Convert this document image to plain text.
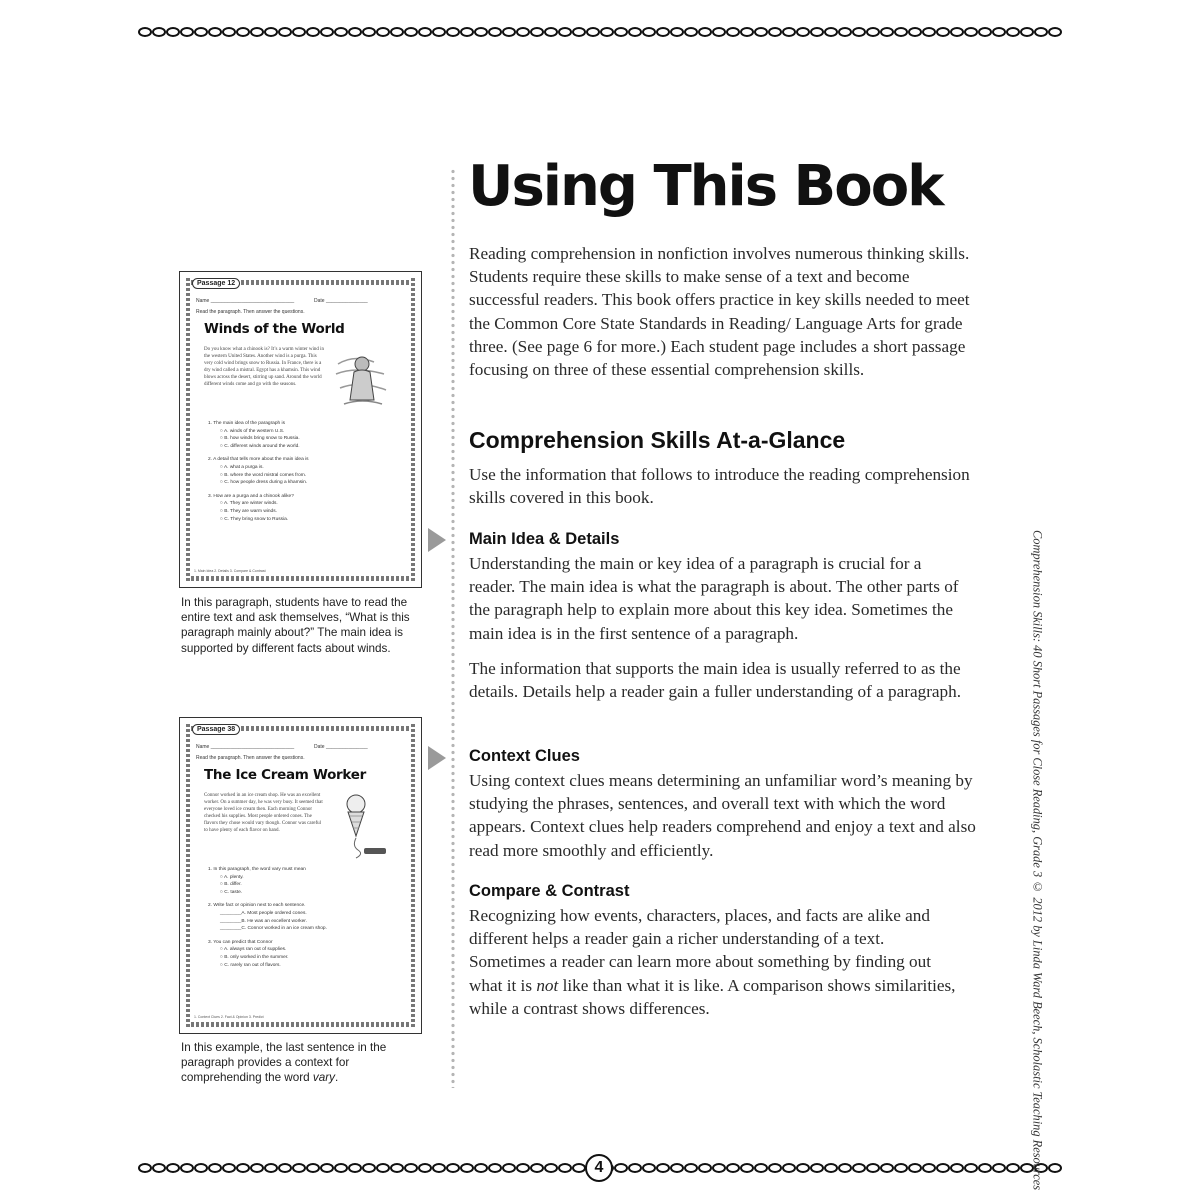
4
Using This Book

Reading comprehension in nonfiction involves numerous thinking skills. Students require these skills to make sense of a text and become successful readers. This book offers practice in key skills needed to meet the Common Core State Standards in Reading/ Language Arts for grade three. (See page 6 for more.) Each student page includes a short passage focusing on three of these essential comprehension skills.

Comprehension Skills At-a-Glance

Use the information that follows to introduce the reading comprehension skills covered in this book.

Main Idea & Details

Understanding the main or key idea of a paragraph is crucial for a reader. The main idea is what the paragraph is about. The other parts of the paragraph help to explain more about this key idea. Sometimes the main idea is in the first sentence of a paragraph.

The information that supports the main idea is usually referred to as the details. Details help a reader gain a fuller understanding of a paragraph.

Context Clues

Using context clues means determining an unfamiliar word’s meaning by studying the phrases, sentences, and overall text with which the word appears. Context clues help readers comprehend and enjoy a text and also read more smoothly and efficiently.

Compare & Contrast

Recognizing how events, characters, places, and facts are alike and different helps a reader gain a richer understanding of a text. Sometimes a reader can learn more about something by finding out what it is not like than what it is like. A comparison shows similarities, while a contrast shows differences.	Comprehension Skills: 40 Short Passages for Close Reading, Grade 3 © 2012 by Linda Ward Beech, Scholastic Teaching Resources
Passage 12
Name ______________________________	Date _______________
Read the paragraph. Then answer the questions.
Winds of the World
Do you know what a chinook is? It’s a warm winter wind in the western United States. Another wind is a purga. This very cold wind brings snow to Russia. In France, there is a dry wind called a mistral. Egypt has a khamsin. This wind blows across the desert, stirring up sand. Around the world different winds come and go with the seasons.
1. The main idea of the paragraph is
○ A. winds of the western U.S.
○ B. how winds bring snow to Russia.
○ C. different winds around the world.
2. A detail that tells more about the main idea is
○ A. what a purga is.
○ B. where the word mistral comes from.
○ C. how people dress during a khamsin.
3. How are a purga and a chinook alike?
○ A. They are winter winds.
○ B. They are warm winds.
○ C. They bring snow to Russia.
1. Main Idea 2. Details 3. Compare & Contrast

In this paragraph, students have to read the entire text and ask themselves, “What is this paragraph mainly about?” The main idea is supported by different facts about winds.

Passage 38
Name ______________________________	Date _______________
Read the paragraph. Then answer the questions.
The Ice Cream Worker
Connor worked in an ice cream shop. He was an excellent worker. On a summer day, he was very busy. It seemed that everyone loved ice cream then. Each morning Connor checked his supplies. Most people ordered cones. The flavors they chose would vary though. Connor was careful to have plenty of each flavor on hand.
1. In this paragraph, the word vary must mean
○ A. plenty.
○ B. differ.
○ C. taste.
2. Write fact or opinion next to each sentence.
________A. Most people ordered cones.
________B. He was an excellent worker.
________C. Connor worked in an ice cream shop.
3. You can predict that Connor
○ A. always ran out of supplies.
○ B. only worked in the summer.
○ C. rarely ran out of flavors.
1. Context Clues 2. Fact & Opinion 3. Predict

In this example, the last sentence in the paragraph provides a context for comprehending the word vary.
